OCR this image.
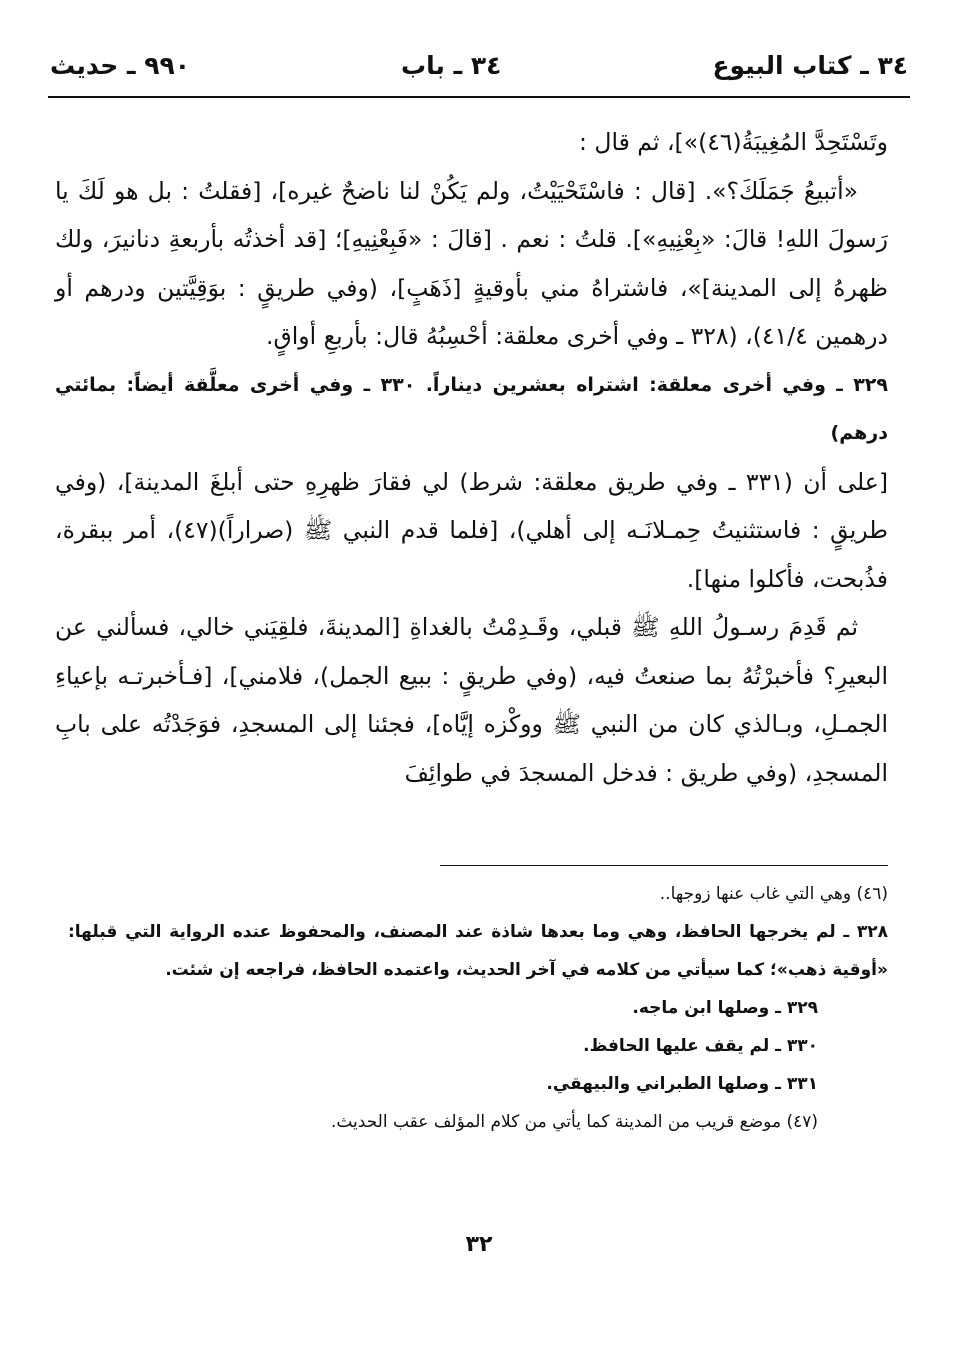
٣٤ ـ كتاب البيوع
٣٤ ـ باب
٩٩٠ ـ حديث

وتَسْتَحِدَّ المُغِيبَةُ(٤٦)»]، ثم قال :

«أتبيعُ جَمَلَكَ؟». [قال : فاسْتَحْيَيْتُ، ولم يَكُنْ لنا ناضحٌ غيره]، [فقلتُ : بل هو لَكَ يا رَسولَ اللهِ! قالَ: «بِعْنِيهِ»]. قلتُ : نعم . [قالَ : «فَبِعْنِيهِ]؛ [قد أخذتُه بأربعةِ دنانيرَ، ولك ظهرهُ إلى المدينة]»، فاشتراهُ مني بأوقيةٍ [ذَهَبٍ]، (وفي طريقٍ : بوَقِيَّتين ودرهم أو درهمين ٤١/٤)، (٣٢٨ ـ وفي أخرى معلقة: أحْسِبُهُ قال: بأربعِ أواقٍ.

٣٢٩ ـ وفي أخرى معلقة: اشتراه بعشرين ديناراً. ٣٣٠ ـ وفي أخرى معلَّقة أيضاً: بمائتي درهم)

[على أن (٣٣١ ـ وفي طريق معلقة: شرط) لي فقارَ ظهرِهِ حتى أبلغَ المدينة]، (وفي طريقٍ : فاستثنيتُ حِمـلانَـه إلى أهلي)، [فلما قدم النبي ﷺ (صراراً)(٤٧)، أمر ببقرة، فذُبحت، فأكلوا منها].

ثم قَدِمَ رسـولُ اللهِ ﷺ قبلي، وقَـدِمْتُ بالغداةِ [المدينةَ، فلقِيَني خالي، فسألني عن البعيرِ؟ فأخبرْتُهُ بما صنعتُ فيه، (وفي طريقٍ : ببيع الجمل)، فلامني]، [فـأخبرتـه بإعياءِ الجمـلِ، وبـالذي كان من النبي ﷺ ووكْزه إيَّاه]، فجئنا إلى المسجدِ، فوَجَدْتُه على بابِ المسجدِ، (وفي طريق : فدخل المسجدَ في طوائِفَ

(٤٦) وهي التي غاب عنها زوجها..

٣٢٨ ـ لم يخرجها الحافظ، وهي وما بعدها شاذة عند المصنف، والمحفوظ عنده الرواية التي قبلها: «أوقية ذهب»؛ كما سيأتي من كلامه في آخر الحديث، واعتمده الحافظ، فراجعه إن شئت.

٣٢٩ ـ وصلها ابن ماجه.

٣٣٠ ـ لم يقف عليها الحافظ.

٣٣١ ـ وصلها الطبراني والبيهقي.

(٤٧) موضع قريب من المدينة كما يأتي من كلام المؤلف عقب الحديث.

٣٢
